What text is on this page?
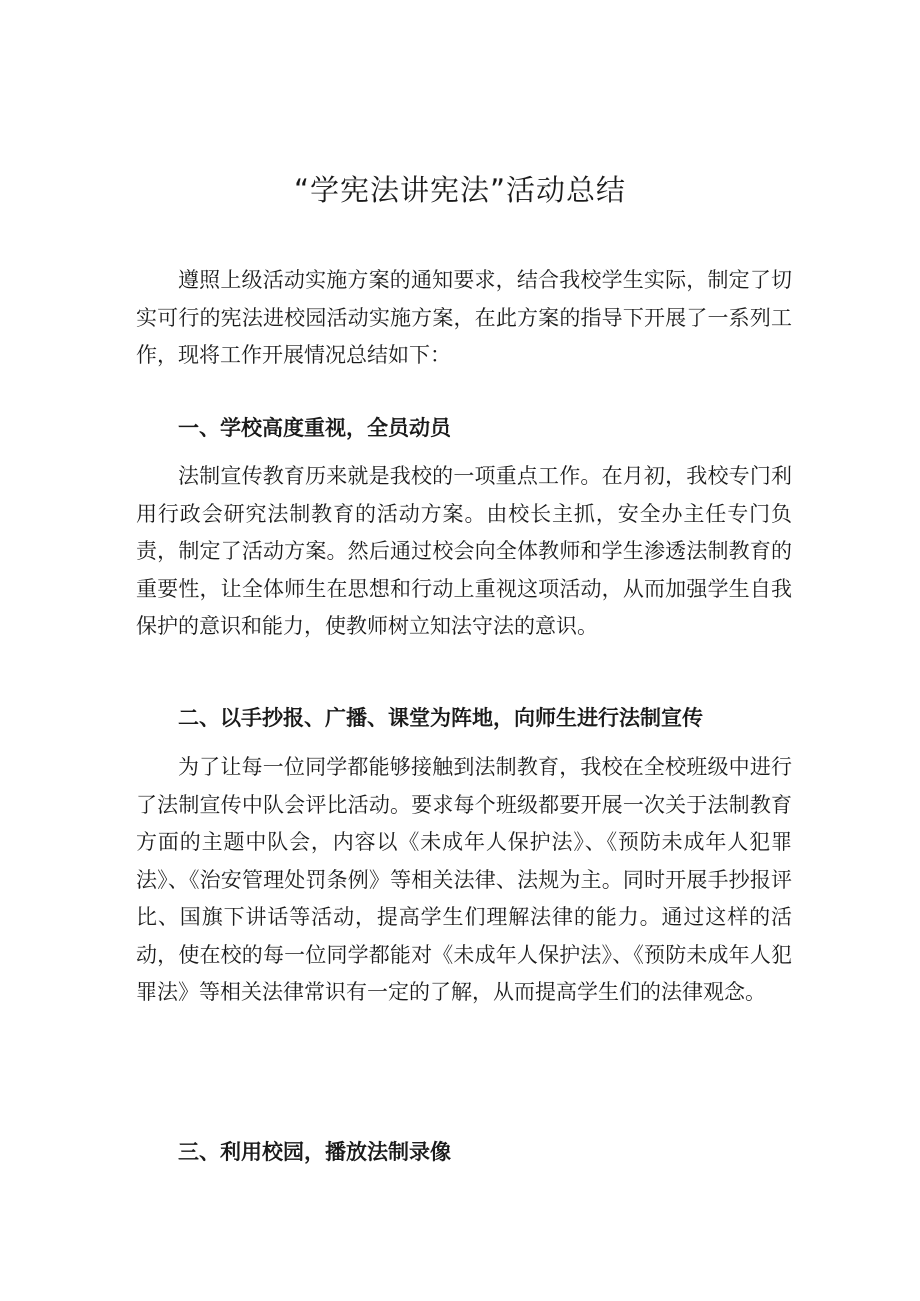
“学宪法讲宪法”活动总结

遵照上级活动实施方案的通知要求，结合我校学生实际，制定了切实可行的宪法进校园活动实施方案，在此方案的指导下开展了一系列工作，现将工作开展情况总结如下：

一、学校高度重视，全员动员

法制宣传教育历来就是我校的一项重点工作。在月初，我校专门利用行政会研究法制教育的活动方案。由校长主抓，安全办主任专门负责，制定了活动方案。然后通过校会向全体教师和学生渗透法制教育的重要性，让全体师生在思想和行动上重视这项活动，从而加强学生自我保护的意识和能力，使教师树立知法守法的意识。

二、以手抄报、广播、课堂为阵地，向师生进行法制宣传

为了让每一位同学都能够接触到法制教育，我校在全校班级中进行了法制宣传中队会评比活动。要求每个班级都要开展一次关于法制教育方面的主题中队会，内容以《未成年人保护法》、《预防未成年人犯罪法》、《治安管理处罚条例》等相关法律、法规为主。同时开展手抄报评比、国旗下讲话等活动，提高学生们理解法律的能力。通过这样的活动，使在校的每一位同学都能对《未成年人保护法》、《预防未成年人犯罪法》等相关法律常识有一定的了解，从而提高学生们的法律观念。

三、利用校园，播放法制录像
